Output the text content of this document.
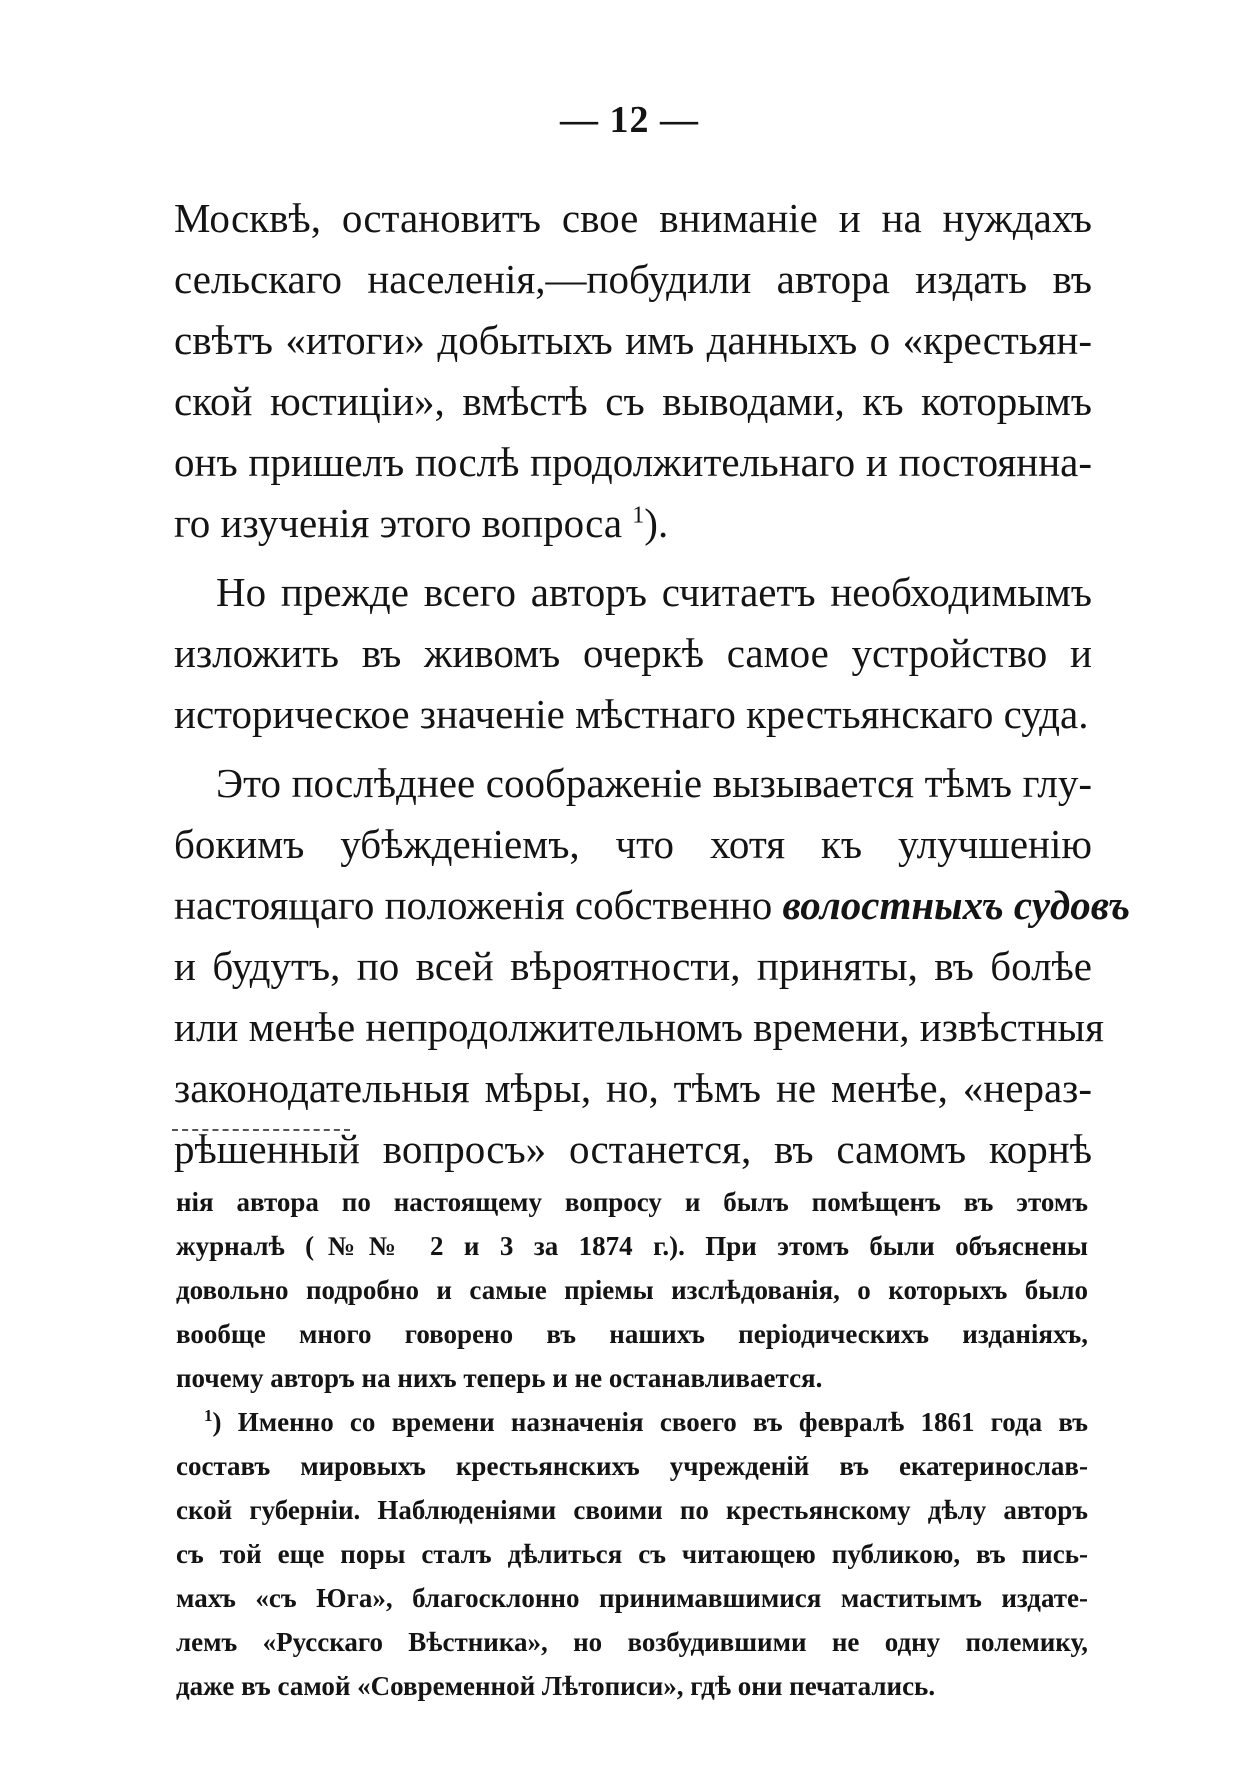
— 12 —
Москвѣ, остановитъ свое вниманіе и на нуждахъ
сельскаго населенія,—побудили автора издать въ
свѣтъ «итоги» добытыхъ имъ данныхъ о «крестьян-
ской юстиціи», вмѣстѣ съ выводами, къ которымъ
онъ пришелъ послѣ продолжительнаго и постоянна-
го изученія этого вопроса $^1$).
Но прежде всего авторъ считаетъ необходимымъ
изложить въ живомъ очеркѣ самое устройство и
историческое значеніе мѣстнаго крестьянскаго суда.
Это послѣднее соображеніе вызывается тѣмъ глу-
бокимъ убѣжденіемъ, что хотя къ улучшенію
настоящаго положенія собственно волостныхъ судовъ
и будутъ, по всей вѣроятности, приняты, въ болѣе
или менѣе непродолжительномъ времени, извѣстныя
законодательныя мѣры, но, тѣмъ не менѣе, «нераз-
рѣшенный вопросъ» останется, въ самомъ корнѣ
нія автора по настоящему вопросу и былъ помѣщенъ въ этомъ
журналѣ (№№ 2 и 3 за 1874 г.). При этомъ были объяснены
довольно подробно и самые пріемы изслѣдованія, о которыхъ было
вообще много говорено въ нашихъ періодическихъ изданіяхъ,
почему авторъ на нихъ теперь и не останавливается.
$^1$) Именно со времени назначенія своего въ февралѣ 1861 года въ
составъ мировыхъ крестьянскихъ учрежденій въ екатеринослав-
ской губерніи. Наблюденіями своими по крестьянскому дѣлу авторъ
съ той еще поры сталъ дѣлиться съ читающею публикою, въ пись-
махъ «съ Юга», благосклонно принимавшимися маститымъ издате-
лемъ «Русскаго Вѣстника», но возбудившими не одну полемику,
даже въ самой «Современной Лѣтописи», гдѣ они печатались.
